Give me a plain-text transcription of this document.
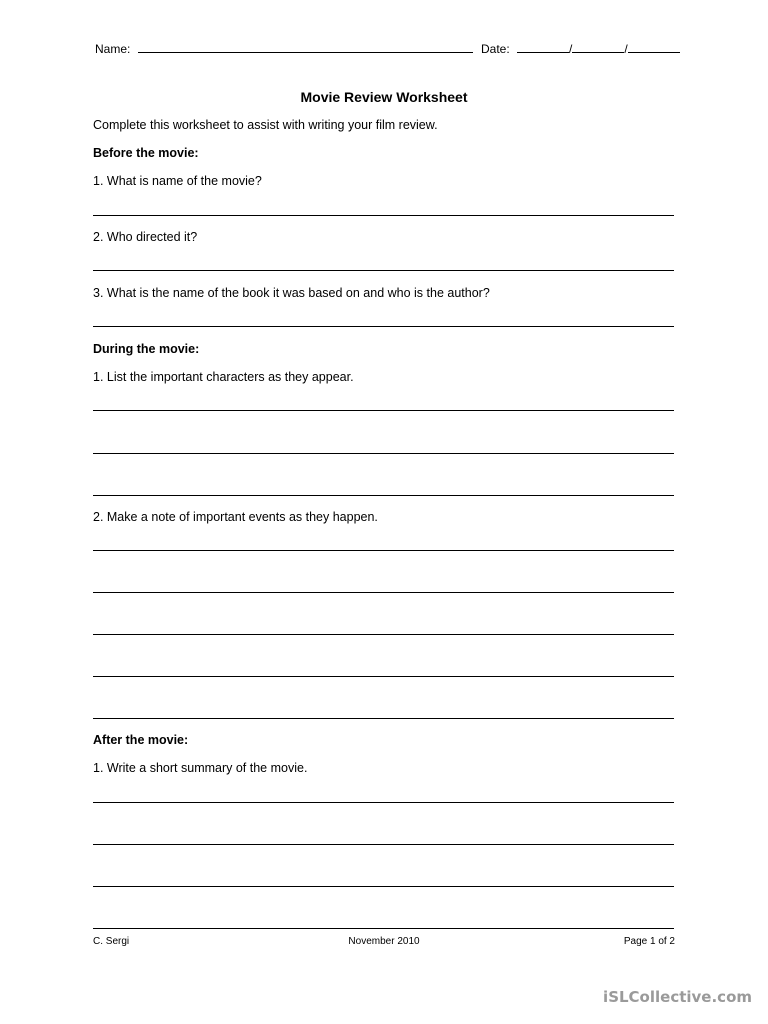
Name:	Date:	/	/
Movie Review Worksheet
Complete this worksheet to assist with writing your film review.
Before the movie:
1. What is name of the movie?
2. Who directed it?
3. What is the name of the book it was based on and who is the author?
During the movie:
1. List the important characters as they appear.
2. Make a note of important events as they happen.
After the movie:
1. Write a short summary of the movie.
C. Sergi	November 2010	Page 1 of 2
iSLCollective.com
